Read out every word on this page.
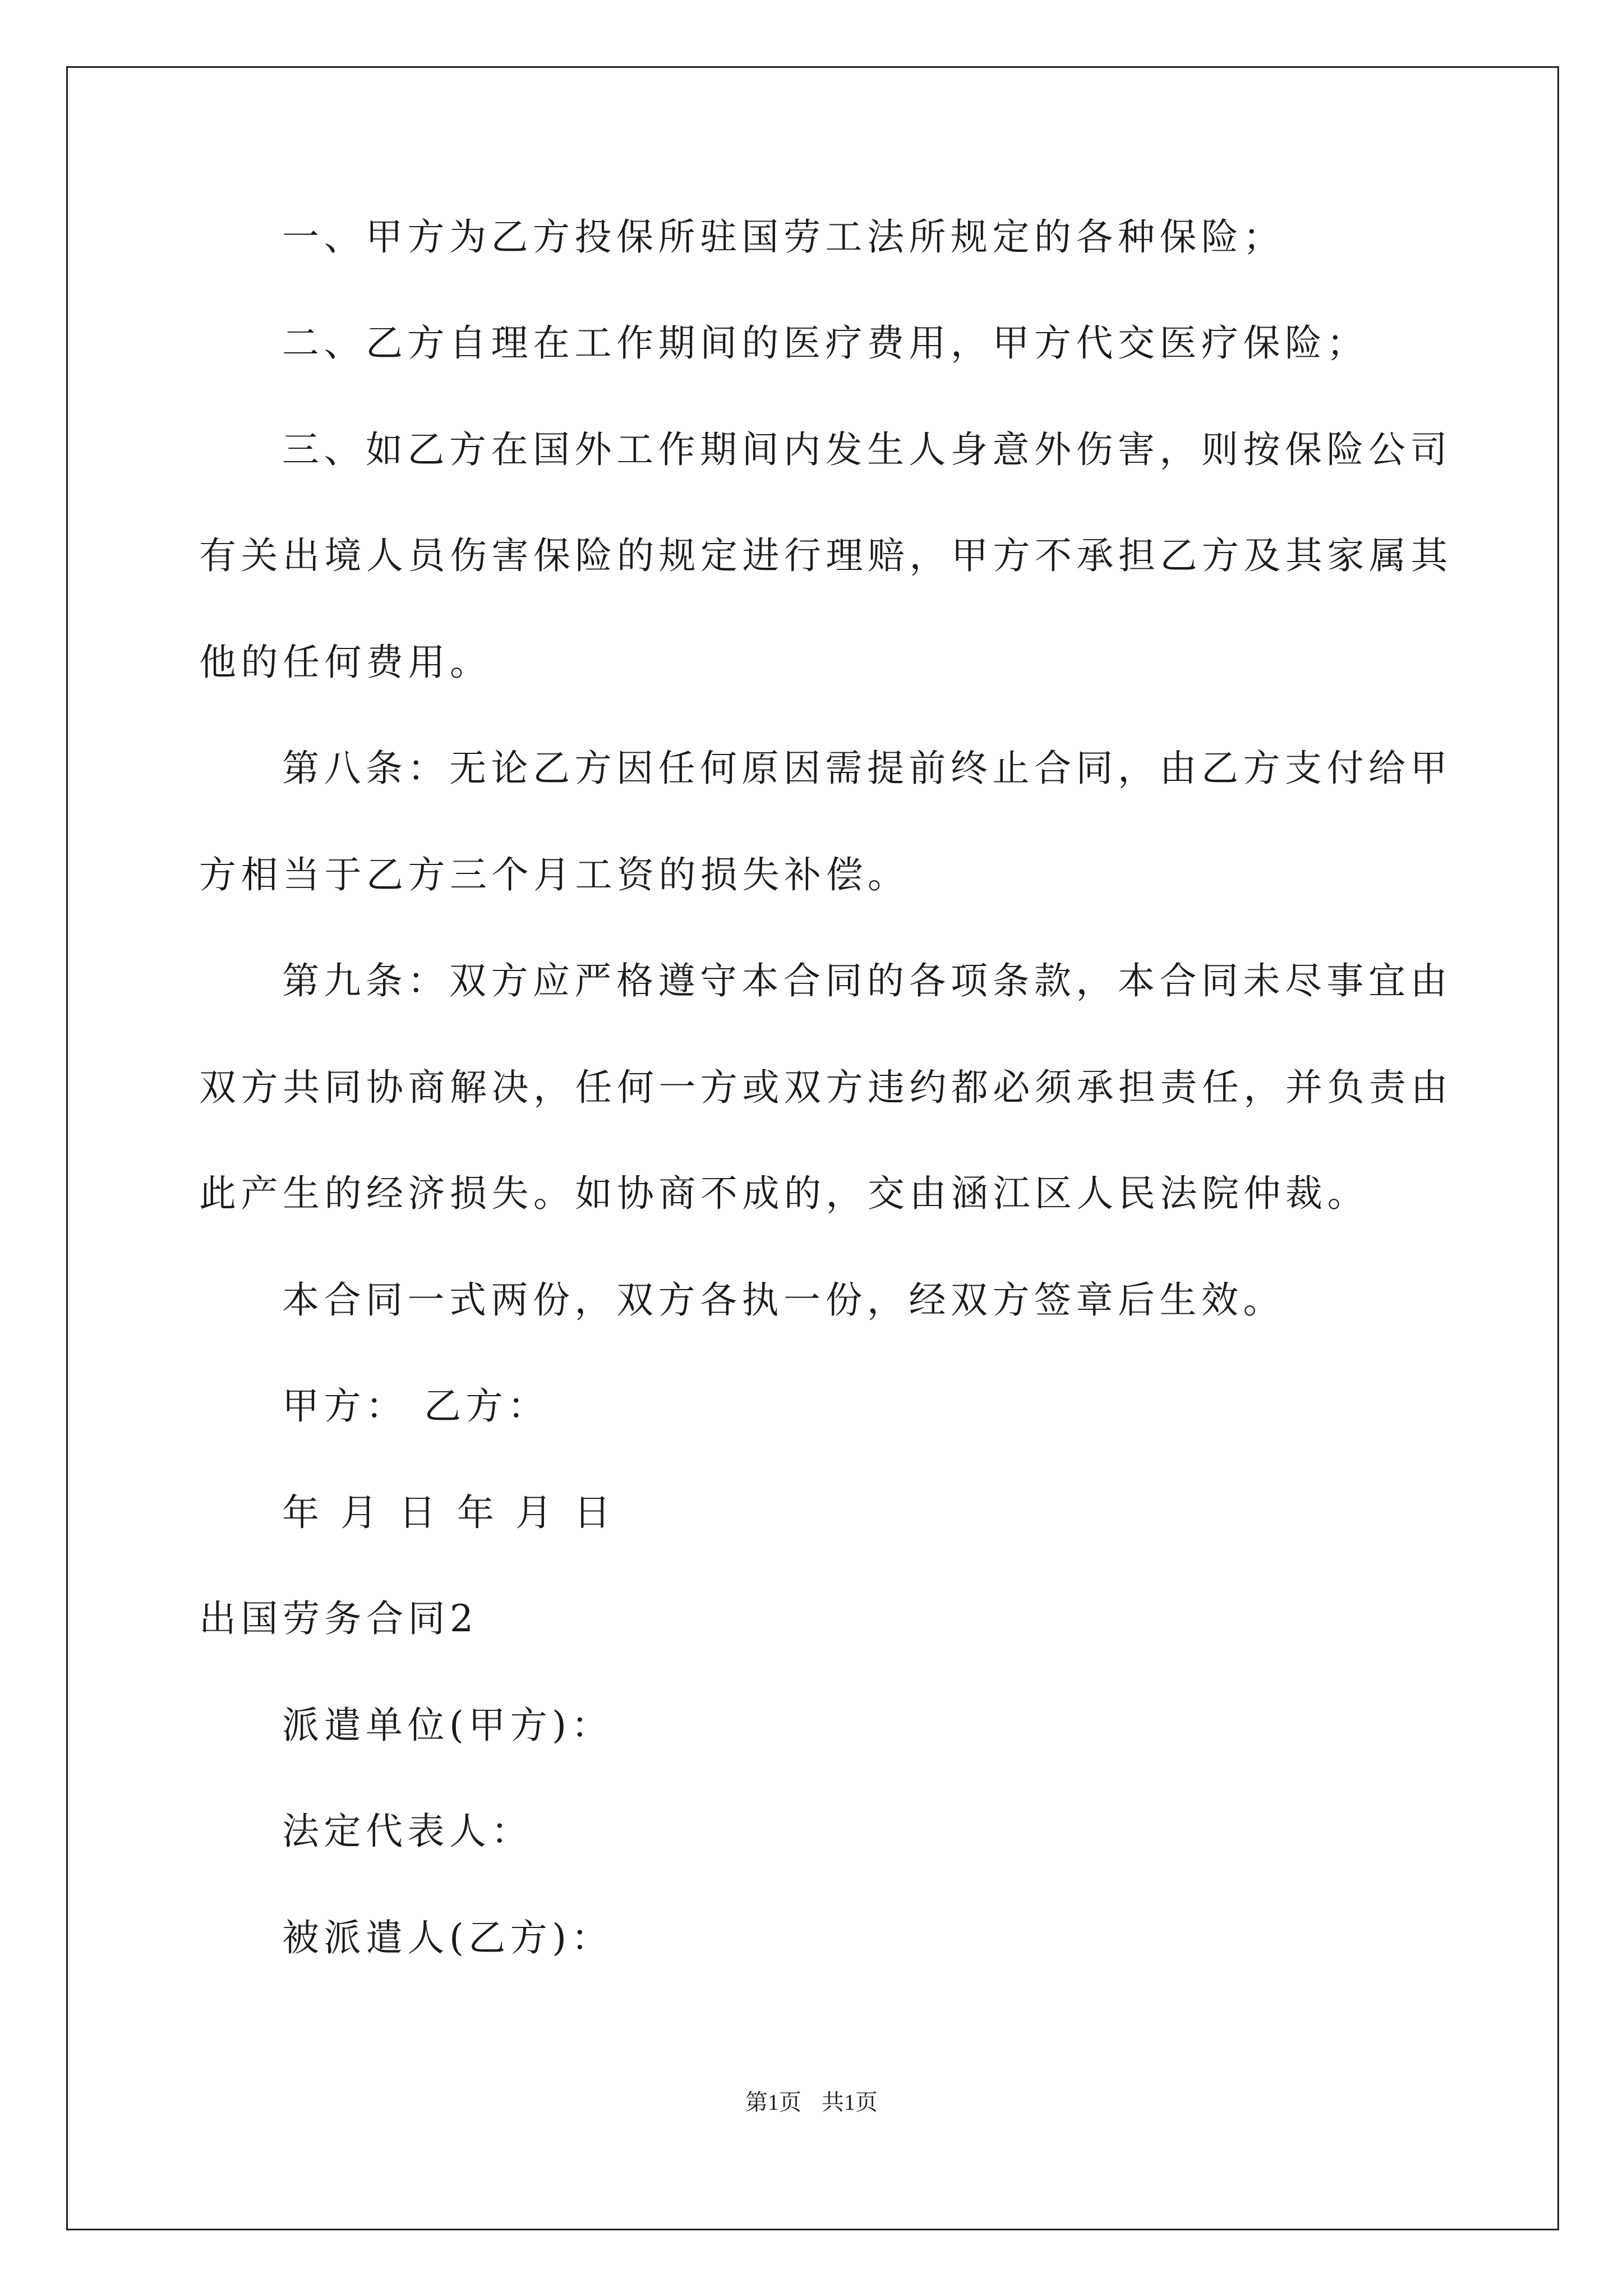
一、甲方为乙方投保所驻国劳工法所规定的各种保险；

二、乙方自理在工作期间的医疗费用，甲方代交医疗保险；

三、如乙方在国外工作期间内发生人身意外伤害，则按保险公司

有关出境人员伤害保险的规定进行理赔，甲方不承担乙方及其家属其

他的任何费用。

第八条：无论乙方因任何原因需提前终止合同，由乙方支付给甲

方相当于乙方三个月工资的损失补偿。

第九条：双方应严格遵守本合同的各项条款，本合同未尽事宜由

双方共同协商解决，任何一方或双方违约都必须承担责任，并负责由

此产生的经济损失。如协商不成的，交由涵江区人民法院仲裁。

本合同一式两份，双方各执一份，经双方签章后生效。

甲方： 乙方：

年 月 日 年 月 日

出国劳务合同2

派遣单位(甲方)：

法定代表人：

被派遣人(乙方)：

第1页 共1页
